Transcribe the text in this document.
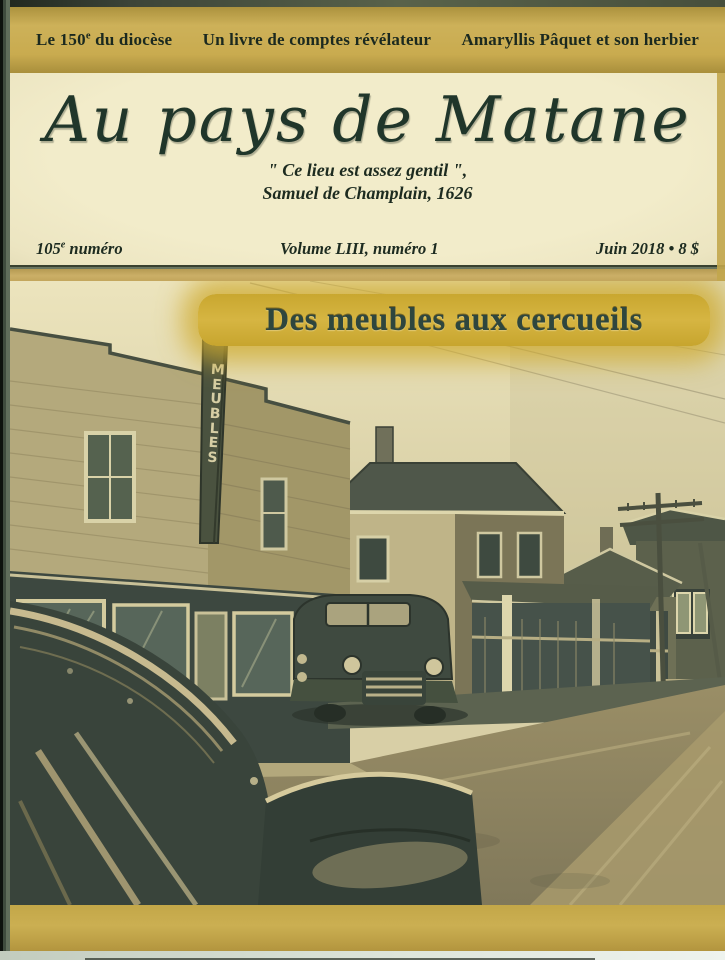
Le 150e du diocèse Un livre de comptes révélateur Amaryllis Pâquet et son herbier
Au pays de Matane
" Ce lieu est assez gentil ",
Samuel de Champlain, 1626
105e numéro	Volume LIII, numéro 1	Juin 2018 • 8 $
M
E
U
B
L
E
S
Des meubles aux cercueils
